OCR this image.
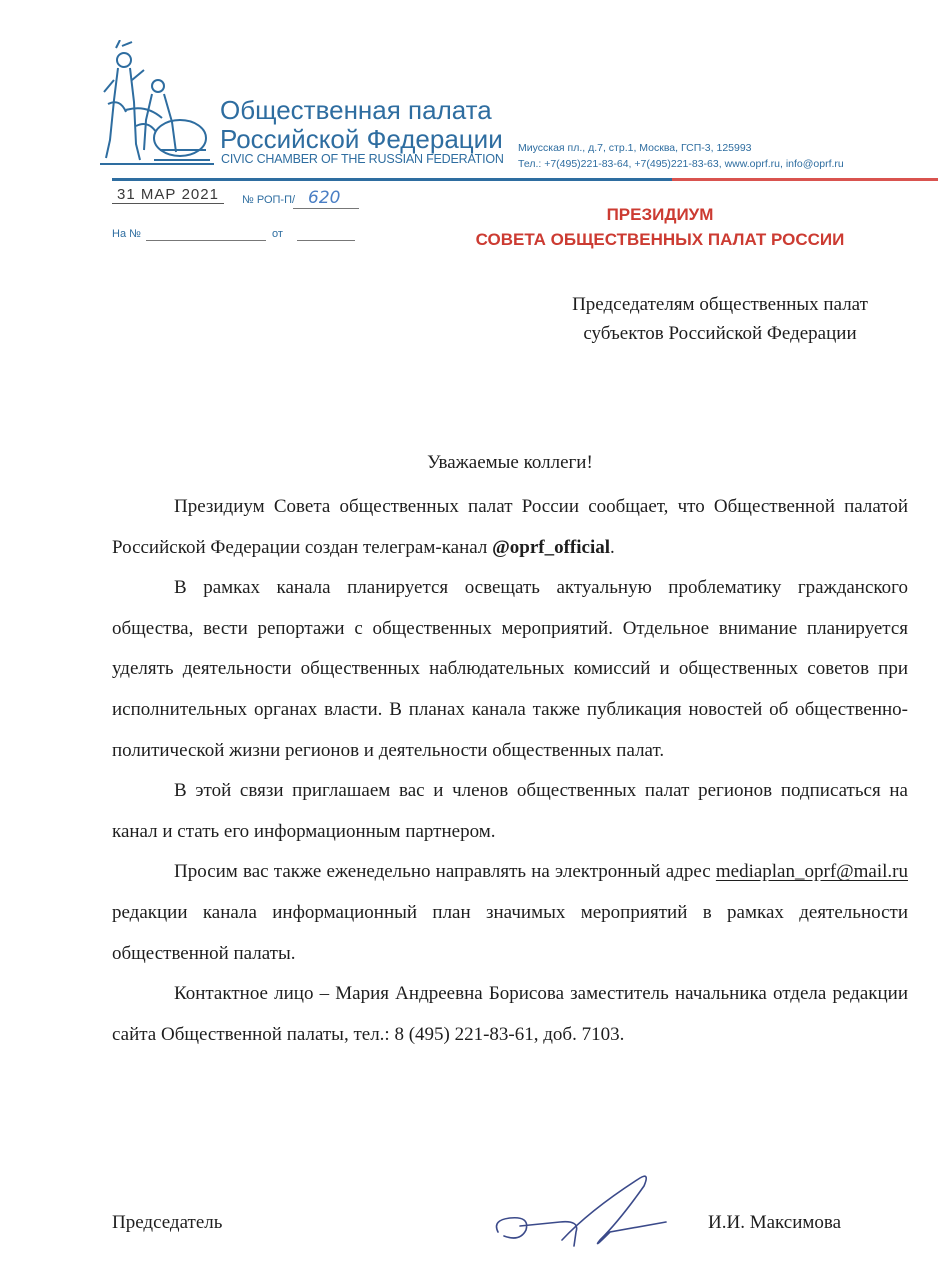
Общественная палата
Российской Федерации
CIVIC CHAMBER OF THE RUSSIAN FEDERATION
Миусская пл., д.7, стр.1, Москва, ГСП-3, 125993
Тел.: +7(495)221-83-64, +7(495)221-83-63, www.oprf.ru, info@oprf.ru
31 МАР 2021	№ РОП-П/ 620
На №	от
ПРЕЗИДИУМ
СОВЕТА ОБЩЕСТВЕННЫХ ПАЛАТ РОССИИ
Председателям общественных палат
субъектов Российской Федерации
Уважаемые коллеги!

Президиум Совета общественных палат России сообщает, что Общественной палатой Российской Федерации создан телеграм-канал @oprf_official.

В рамках канала планируется освещать актуальную проблематику гражданского общества, вести репортажи с общественных мероприятий. Отдельное внимание планируется уделять деятельности общественных наблюдательных комиссий и общественных советов при исполнительных органах власти. В планах канала также публикация новостей об общественно-политической жизни регионов и деятельности общественных палат.

В этой связи приглашаем вас и членов общественных палат регионов подписаться на канал и стать его информационным партнером.

Просим вас также еженедельно направлять на электронный адрес mediaplan_oprf@mail.ru редакции канала информационный план значимых мероприятий в рамках деятельности общественной палаты.

Контактное лицо – Мария Андреевна Борисова заместитель начальника отдела редакции сайта Общественной палаты, тел.: 8 (495) 221-83-61, доб. 7103.

Председатель	И.И. Максимова
